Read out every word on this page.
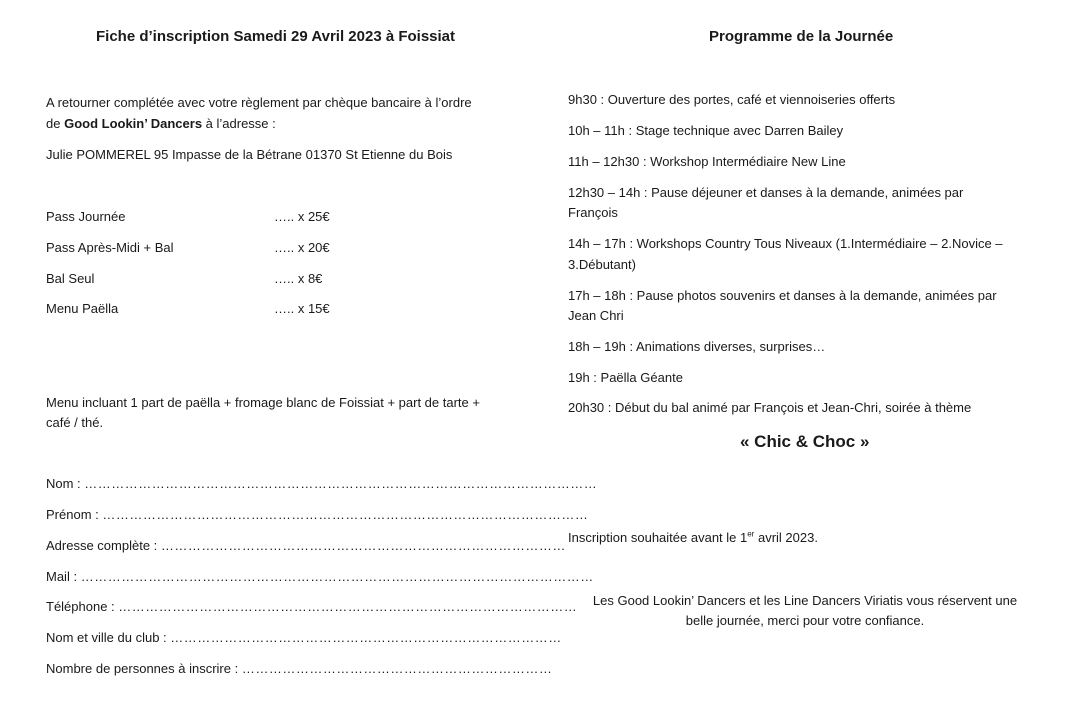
Fiche d’inscription Samedi 29 Avril 2023 à Foissiat
A retourner complétée avec votre règlement par chèque bancaire à l’ordre
de Good Lookin’ Dancers à l’adresse :
Julie POMMEREL 95 Impasse de la Bétrane 01370 St Etienne du Bois
Pass Journée	….. x 25€
Pass Après-Midi + Bal	….. x 20€
Bal Seul	….. x 8€
Menu Paëlla	….. x 15€
Menu incluant 1 part de paëlla + fromage blanc de Foissiat + part de tarte +
café / thé.
Nom : ……………………………………………………………………………………………………
Prénom : ………………………………………………………………………………………………
Adresse complète : ………………………………………………………………………………
Mail : ……………………………………………………………………………………………………
Téléphone : …………………………………………………………………………………………
Nom et ville du club : ……………………………………………………………………………
Nombre de personnes à inscrire : ……………………………………………………………
Programme de la Journée
9h30 : Ouverture des portes, café et viennoiseries offerts
10h – 11h : Stage technique avec Darren Bailey
11h – 12h30 : Workshop Intermédiaire New Line
12h30 – 14h : Pause déjeuner et danses à la demande, animées par
François
14h – 17h : Workshops Country Tous Niveaux (1.Intermédiaire – 2.Novice –
3.Débutant)
17h – 18h : Pause photos souvenirs et danses à la demande, animées par
Jean Chri
18h – 19h : Animations diverses, surprises…
19h : Paëlla Géante
20h30 : Début du bal animé par François et Jean-Chri, soirée à thème
« Chic & Choc »
Inscription souhaitée avant le 1er avril 2023.
Les Good Lookin’ Dancers et les Line Dancers Viriatis vous réservent une
belle journée, merci pour votre confiance.
